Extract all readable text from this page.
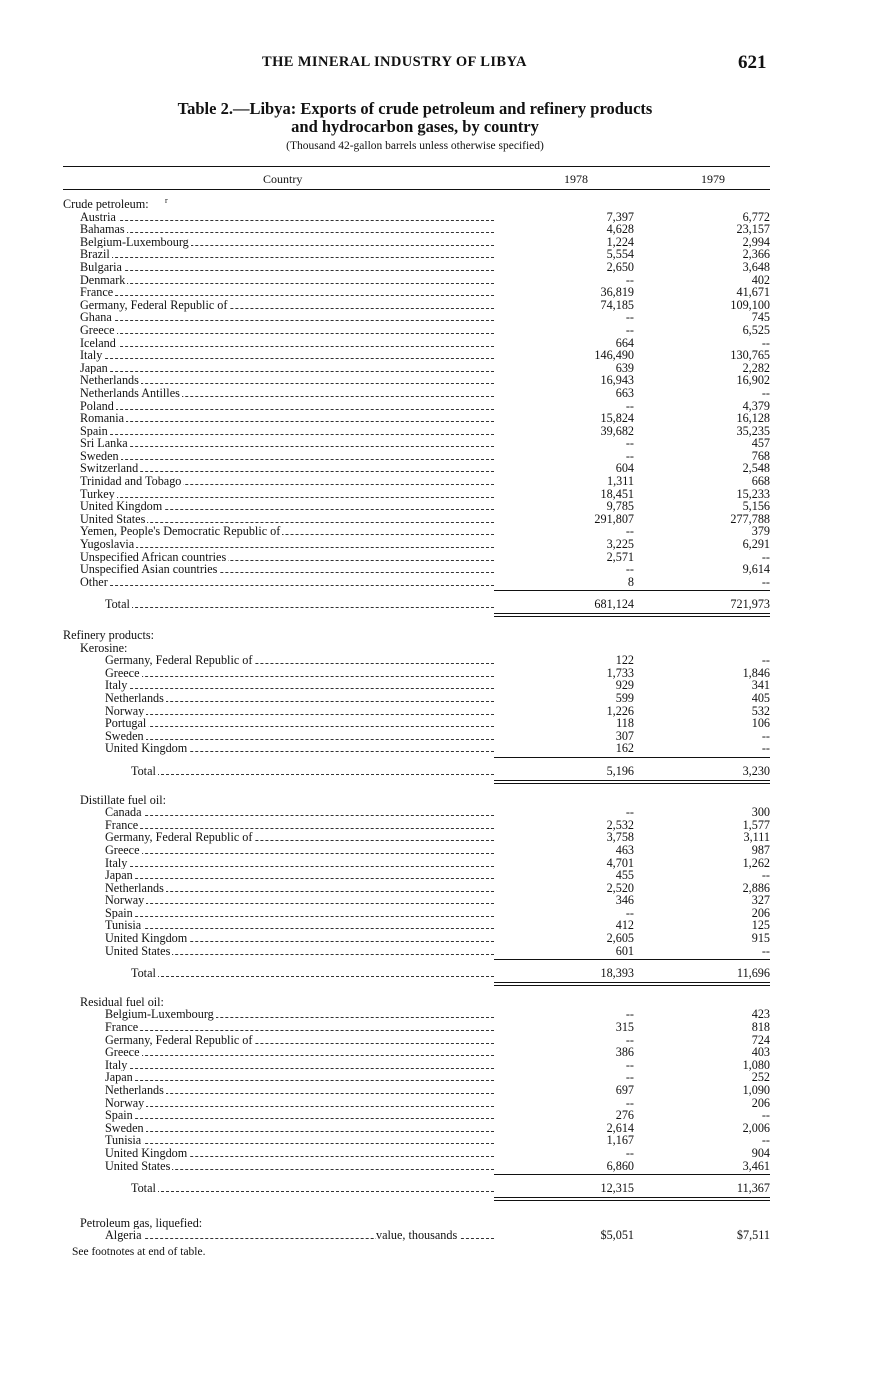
THE MINERAL INDUSTRY OF LIBYA	621
Table 2.—Libya: Exports of crude petroleum and refinery products
and hydrocarbon gases, by country
(Thousand 42-gallon barrels unless otherwise specified)
Country	1978	1979
Crude petroleum: r
Austria	7,397	6,772
Bahamas	4,628	23,157
Belgium-Luxembourg	1,224	2,994
Brazil	5,554	2,366
Bulgaria	2,650	3,648
Denmark	--	402
France	36,819	41,671
Germany, Federal Republic of	74,185	109,100
Ghana	--	745
Greece	--	6,525
Iceland	664	--
Italy	146,490	130,765
Japan	639	2,282
Netherlands	16,943	16,902
Netherlands Antilles	663	--
Poland	--	4,379
Romania	15,824	16,128
Spain	39,682	35,235
Sri Lanka	--	457
Sweden	--	768
Switzerland	604	2,548
Trinidad and Tobago	1,311	668
Turkey	18,451	15,233
United Kingdom	9,785	5,156
United States	291,807	277,788
Yemen, People's Democratic Republic of	--	379
Yugoslavia	3,225	6,291
Unspecified African countries	2,571	--
Unspecified Asian countries	--	9,614
Other	8	--
Total	681,124	721,973
Refinery products:
Kerosine:
Germany, Federal Republic of	122	--
Greece	1,733	1,846
Italy	929	341
Netherlands	599	405
Norway	1,226	532
Portugal	118	106
Sweden	307	--
United Kingdom	162	--
Total	5,196	3,230
Distillate fuel oil:
Canada	--	300
France	2,532	1,577
Germany, Federal Republic of	3,758	3,111
Greece	463	987
Italy	4,701	1,262
Japan	455	--
Netherlands	2,520	2,886
Norway	346	327
Spain	--	206
Tunisia	412	125
United Kingdom	2,605	915
United States	601	--
Total	18,393	11,696
Residual fuel oil:
Belgium-Luxembourg	--	423
France	315	818
Germany, Federal Republic of	--	724
Greece	386	403
Italy	--	1,080
Japan	--	252
Netherlands	697	1,090
Norway	--	206
Spain	276	--
Sweden	2,614	2,006
Tunisia	1,167	--
United Kingdom	--	904
United States	6,860	3,461
Total	12,315	11,367
Petroleum gas, liquefied:
Algeria	$5,051	$7,511
value, thousands
See footnotes at end of table.
